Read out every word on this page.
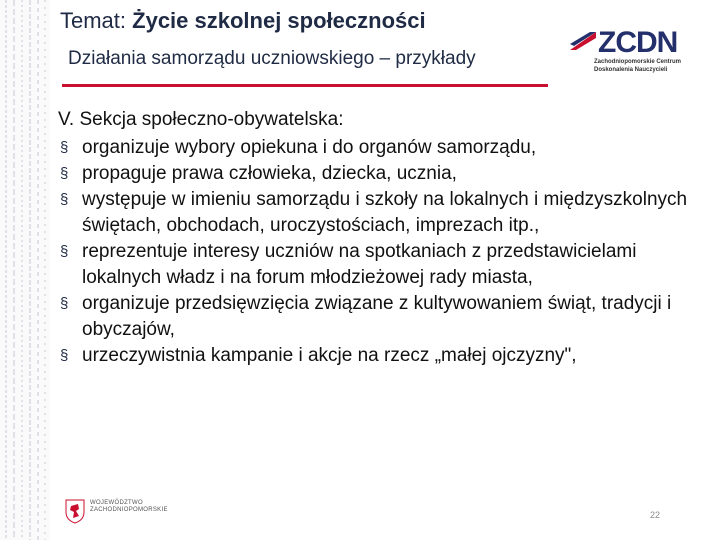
Temat: Życie szkolnej społeczności
Działania samorządu uczniowskiego – przykłady	ZCDN
Zachodniopomorskie Centrum Doskonalenia Nauczycieli
V. Sekcja społeczno-obywatelska:
§ organizuje wybory opiekuna i do organów samorządu,
§ propaguje prawa człowieka, dziecka, ucznia,
§ występuje w imieniu samorządu i szkoły na lokalnych i międzyszkolnych świętach, obchodach, uroczystościach, imprezach itp.,
§ reprezentuje interesy uczniów na spotkaniach z przedstawicielami lokalnych władz i na forum młodzieżowej rady miasta,
§ organizuje przedsięwzięcia związane z kultywowaniem świąt, tradycji i obyczajów,
§ urzeczywistnia kampanie i akcje na rzecz „małej ojczyzny",
WOJEWÓDZTWO
ZACHODNIOPOMORSKIE	22
